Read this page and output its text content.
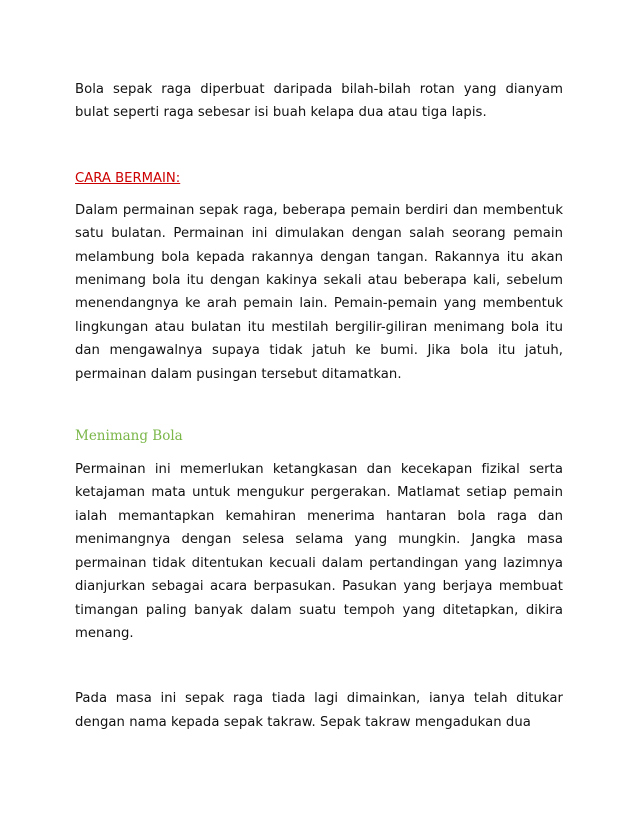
Bola sepak raga diperbuat daripada bilah-bilah rotan yang dianyam bulat seperti raga sebesar isi buah kelapa dua atau tiga lapis.

CARA BERMAIN:

Dalam permainan sepak raga, beberapa pemain berdiri dan membentuk satu bulatan. Permainan ini dimulakan dengan salah seorang pemain melambung bola kepada rakannya dengan tangan. Rakannya itu akan menimang bola itu dengan kakinya sekali atau beberapa kali, sebelum menendangnya ke arah pemain lain. Pemain-pemain yang membentuk lingkungan atau bulatan itu mestilah bergilir-giliran menimang bola itu dan mengawalnya supaya tidak jatuh ke bumi. Jika bola itu jatuh, permainan dalam pusingan tersebut ditamatkan.

Menimang Bola

Permainan ini memerlukan ketangkasan dan kecekapan fizikal serta ketajaman mata untuk mengukur pergerakan. Matlamat setiap pemain ialah memantapkan kemahiran menerima hantaran bola raga dan menimangnya dengan selesa selama yang mungkin. Jangka masa permainan tidak ditentukan kecuali dalam pertandingan yang lazimnya dianjurkan sebagai acara berpasukan. Pasukan yang berjaya membuat timangan paling banyak dalam suatu tempoh yang ditetapkan, dikira menang.

Pada masa ini sepak raga tiada lagi dimainkan, ianya telah ditukar dengan nama kepada sepak takraw. Sepak takraw mengadukan dua
